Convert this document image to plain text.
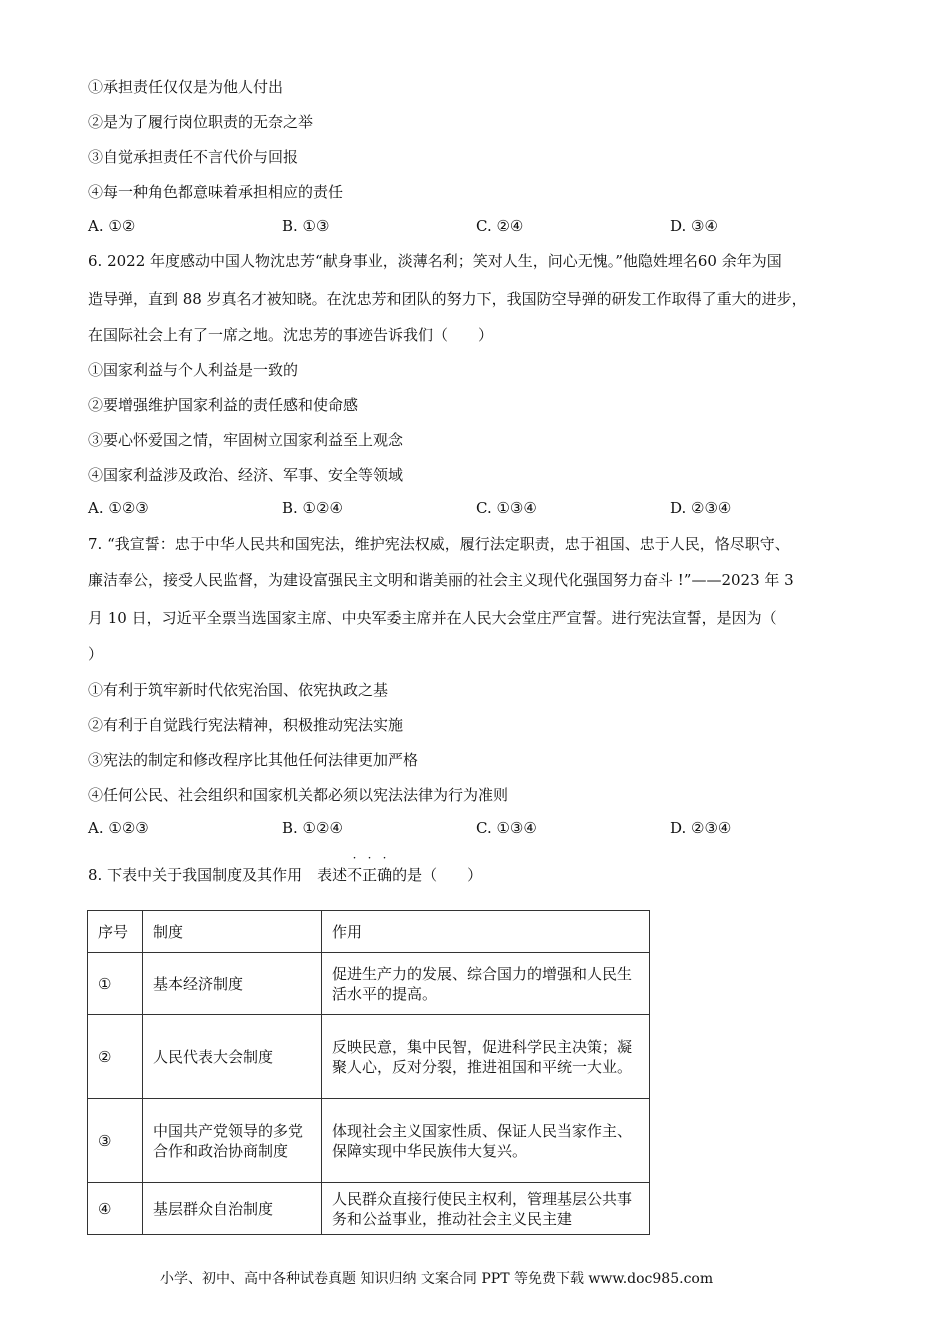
①承担责任仅仅是为他人付出
②是为了履行岗位职责的无奈之举
③自觉承担责任不言代价与回报
④每一种角色都意味着承担相应的责任
A. ①②	B. ①③	C. ②④	D. ③④
6. 2022 年度感动中国人物沈忠芳“献身事业，淡薄名利；笑对人生，问心无愧。”他隐姓埋名60 余年为国
造导弹，直到 88 岁真名才被知晓。在沈忠芳和团队的努力下，我国防空导弹的研发工作取得了重大的进步，
在国际社会上有了一席之地。沈忠芳的事迹告诉我们（　　）
①国家利益与个人利益是一致的
②要增强维护国家利益的责任感和使命感
③要心怀爱国之情，牢固树立国家利益至上观念
④国家利益涉及政治、经济、军事、安全等领域
A. ①②③	B. ①②④	C. ①③④	D. ②③④
7. “我宣誓：忠于中华人民共和国宪法，维护宪法权威，履行法定职责，忠于祖国、忠于人民，恪尽职守、
廉洁奉公，接受人民监督，为建设富强民主文明和谐美丽的社会主义现代化强国努力奋斗 !”——2023 年 3
月 10 日，习近平全票当选国家主席、中央军委主席并在人民大会堂庄严宣誓。进行宪法宣誓，是因为（
）
①有利于筑牢新时代依宪治国、依宪执政之基
②有利于自觉践行宪法精神，积极推动宪法实施
③宪法的制定和修改程序比其他任何法律更加严格
④任何公民、社会组织和国家机关都必须以宪法法律为行为准则
A. ①②③	B. ①②④	C. ①③④	D. ②③④
8. 下表中关于我国制度及其作用　表述
· · ·
不正确的是（　　）
序号	制度	作用
①	基本经济制度	促进生产力的发展、综合国力的增强和人民生活水平的提高。
②	人民代表大会制度	反映民意，集中民智，促进科学民主决策；凝聚人心，反对分裂，推进祖国和平统一大业。
③	中国共产党领导的多党合作和政治协商制度	体现社会主义国家性质、保证人民当家作主、保障实现中华民族伟大复兴。
④	基层群众自治制度	人民群众直接行使民主权利，管理基层公共事务和公益事业，推动社会主义民主建
小学、初中、高中各种试卷真题 知识归纳 文案合同 PPT 等免费下载 www.doc985.com
